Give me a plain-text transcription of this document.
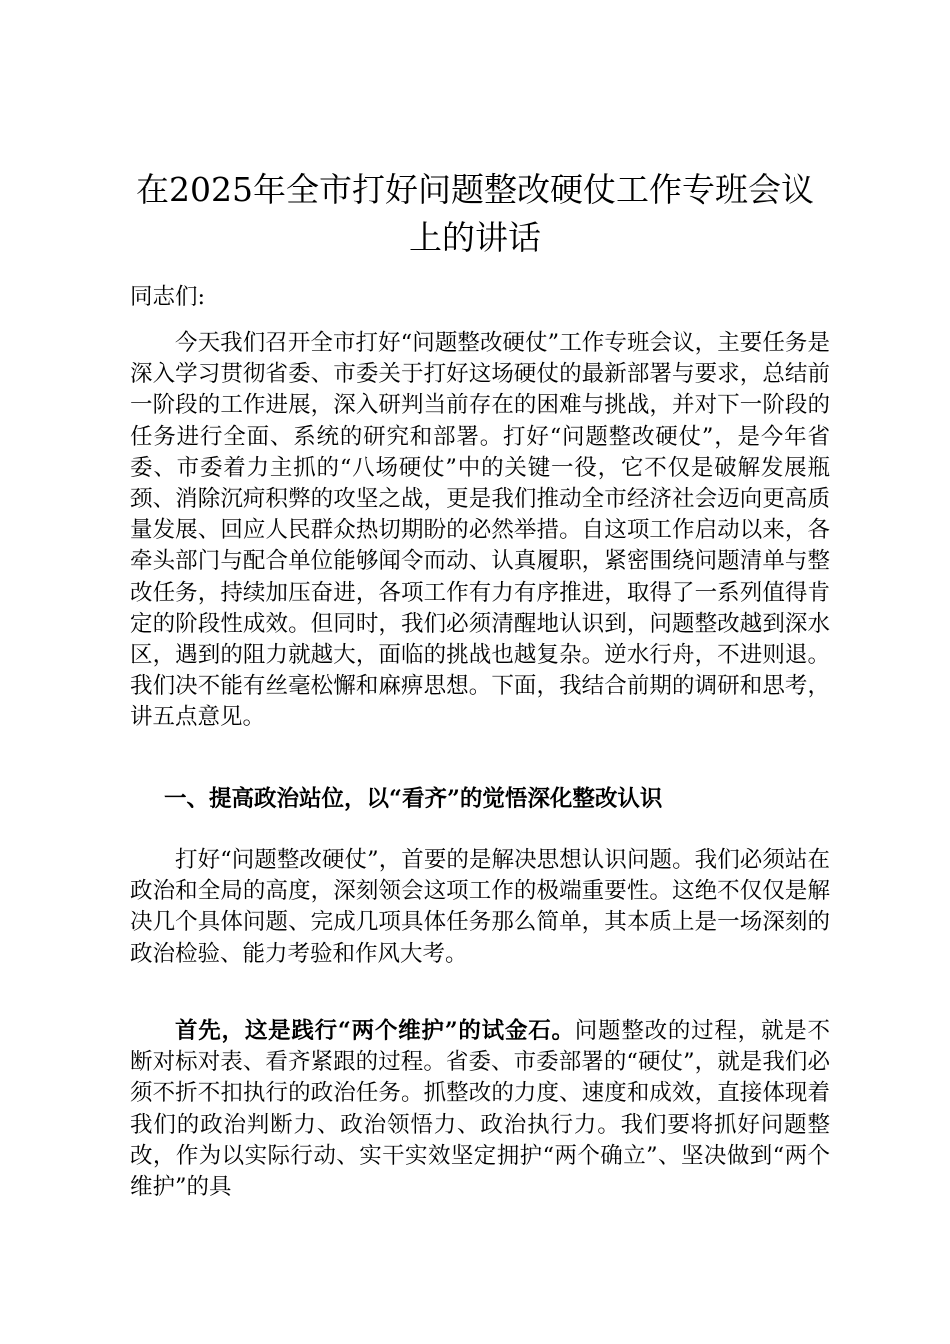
在2025年全市打好问题整改硬仗工作专班会议上的讲话

同志们:

今天我们召开全市打好“问题整改硬仗”工作专班会议，主要任务是深入学习贯彻省委、市委关于打好这场硬仗的最新部署与要求，总结前一阶段的工作进展，深入研判当前存在的困难与挑战，并对下一阶段的任务进行全面、系统的研究和部署。打好“问题整改硬仗”，是今年省委、市委着力主抓的“八场硬仗”中的关键一役，它不仅是破解发展瓶颈、消除沉疴积弊的攻坚之战，更是我们推动全市经济社会迈向更高质量发展、回应人民群众热切期盼的必然举措。自这项工作启动以来，各牵头部门与配合单位能够闻令而动、认真履职，紧密围绕问题清单与整改任务，持续加压奋进，各项工作有力有序推进，取得了一系列值得肯定的阶段性成效。但同时，我们必须清醒地认识到，问题整改越到深水区，遇到的阻力就越大，面临的挑战也越复杂。逆水行舟，不进则退。我们决不能有丝毫松懈和麻痹思想。下面，我结合前期的调研和思考，讲五点意见。

一、提高政治站位，以“看齐”的觉悟深化整改认识

打好“问题整改硬仗”，首要的是解决思想认识问题。我们必须站在政治和全局的高度，深刻领会这项工作的极端重要性。这绝不仅仅是解决几个具体问题、完成几项具体任务那么简单，其本质上是一场深刻的政治检验、能力考验和作风大考。

首先，这是践行“两个维护”的试金石。问题整改的过程，就是不断对标对表、看齐紧跟的过程。省委、市委部署的“硬仗”，就是我们必须不折不扣执行的政治任务。抓整改的力度、速度和成效，直接体现着我们的政治判断力、政治领悟力、政治执行力。我们要将抓好问题整改，作为以实际行动、实干实效坚定拥护“两个确立”、坚决做到“两个维护”的具
